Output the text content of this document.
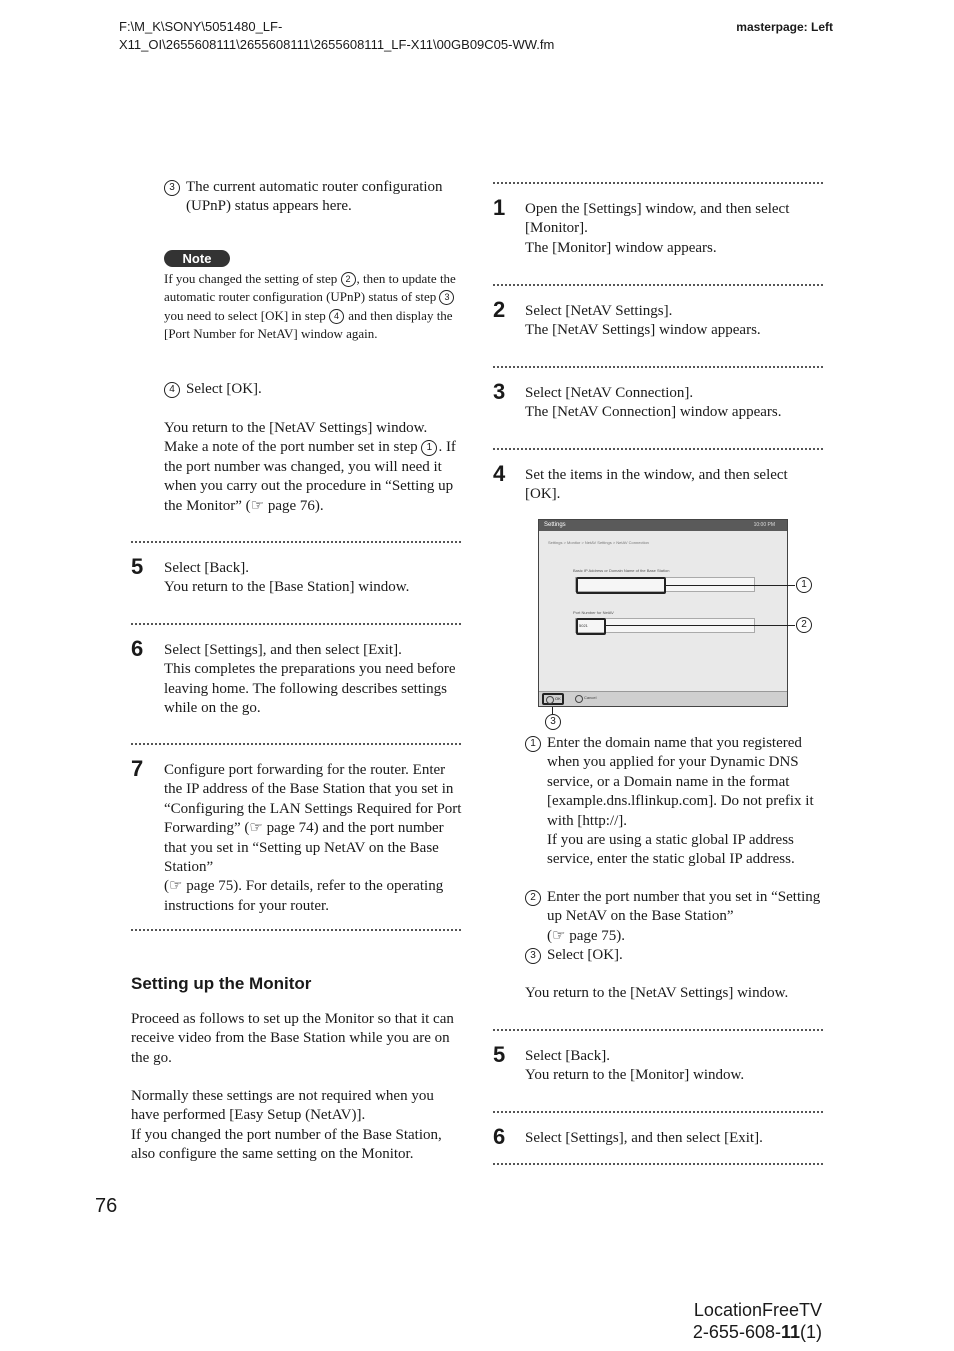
F:\M_K\SONY\5051480_LF-
X11_OI\2655608111\2655608111\2655608111_LF-X11\00GB09C05-WW.fm
masterpage: Left
3 The current automatic router configuration (UPnP) status appears here.
Note
If you changed the setting of step 2 , then to update the automatic router configuration (UPnP) status of step 3 you need to select [OK] in step 4 and then display the [Port Number for NetAV] window again.
4 Select [OK].
You return to the [NetAV Settings] window. Make a note of the port number set in step 1 . If the port number was changed, you will need it when you carry out the procedure in “Setting up the Monitor” (☞ page 76).
5 Select [Back].
You return to the [Base Station] window.
6 Select [Settings], and then select [Exit].
This completes the preparations you need before leaving home. The following describes settings while on the go.
7 Configure port forwarding for the router. Enter the IP address of the Base Station that you set in “Configuring the LAN Settings Required for Port Forwarding” (☞ page 74) and the port number that you set in “Setting up NetAV on the Base Station”
(☞ page 75). For details, refer to the operating instructions for your router.
Setting up the Monitor
Proceed as follows to set up the Monitor so that it can receive video from the Base Station while you are on the go.
Normally these settings are not required when you have performed [Easy Setup (NetAV)].
If you changed the port number of the Base Station, also configure the same setting on the Monitor.
1 Open the [Settings] window, and then select [Monitor].
The [Monitor] window appears.
2 Select [NetAV Settings].
The [NetAV Settings] window appears.
3 Select [NetAV Connection].
The [NetAV Connection] window appears.
4 Set the items in the window, and then select [OK].
Settings	10:00 PM
Settings > Monitor > NetAV Settings > NetAV Connection
Basic IP Address or Domain Name of the Base Station
Port Number for NetAV
5021
OK	Cancel
1
2
3
1 Enter the domain name that you registered when you applied for your Dynamic DNS service, or a Domain name in the format [example.dns.lflinkup.com]. Do not prefix it with [http://].
If you are using a static global IP address service, enter the static global IP address.
2 Enter the port number that you set in “Setting up NetAV on the Base Station”
(☞ page 75).
3 Select [OK].
You return to the [NetAV Settings] window.
5 Select [Back].
You return to the [Monitor] window.
6 Select [Settings], and then select [Exit].
76
LocationFreeTV
2-655-608-11(1)
